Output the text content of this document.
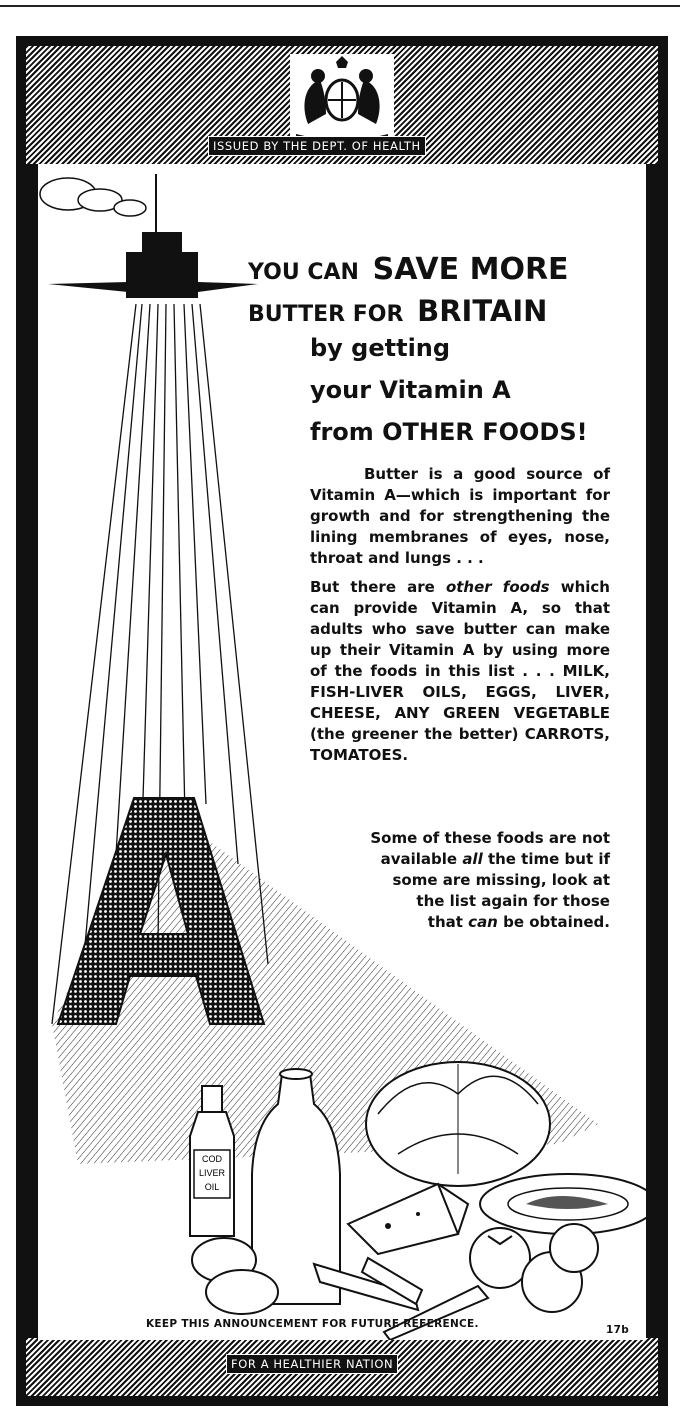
ISSUED BY THE DEPT. OF HEALTH
COD
LIVER
OIL
YOU CAN SAVE MORE
BUTTER FOR BRITAIN
by getting
your Vitamin A
from OTHER FOODS!

Butter is a good source of Vitamin A—which is important for growth and for strengthening the lining membranes of eyes, nose, throat and lungs . . .

But there are other foods which can provide Vitamin A, so that adults who save butter can make up their Vitamin A by using more of the foods in this list . . . MILK, FISH-LIVER OILS, EGGS, LIVER, CHEESE, ANY GREEN VEGETABLE (the greener the better) CARROTS, TOMATOES.

Some of these foods are not
available all the time but if
some are missing, look at
the list again for those
that can be obtained.
KEEP THIS ANNOUNCEMENT FOR FUTURE REFERENCE.	17b
FOR A HEALTHIER NATION
